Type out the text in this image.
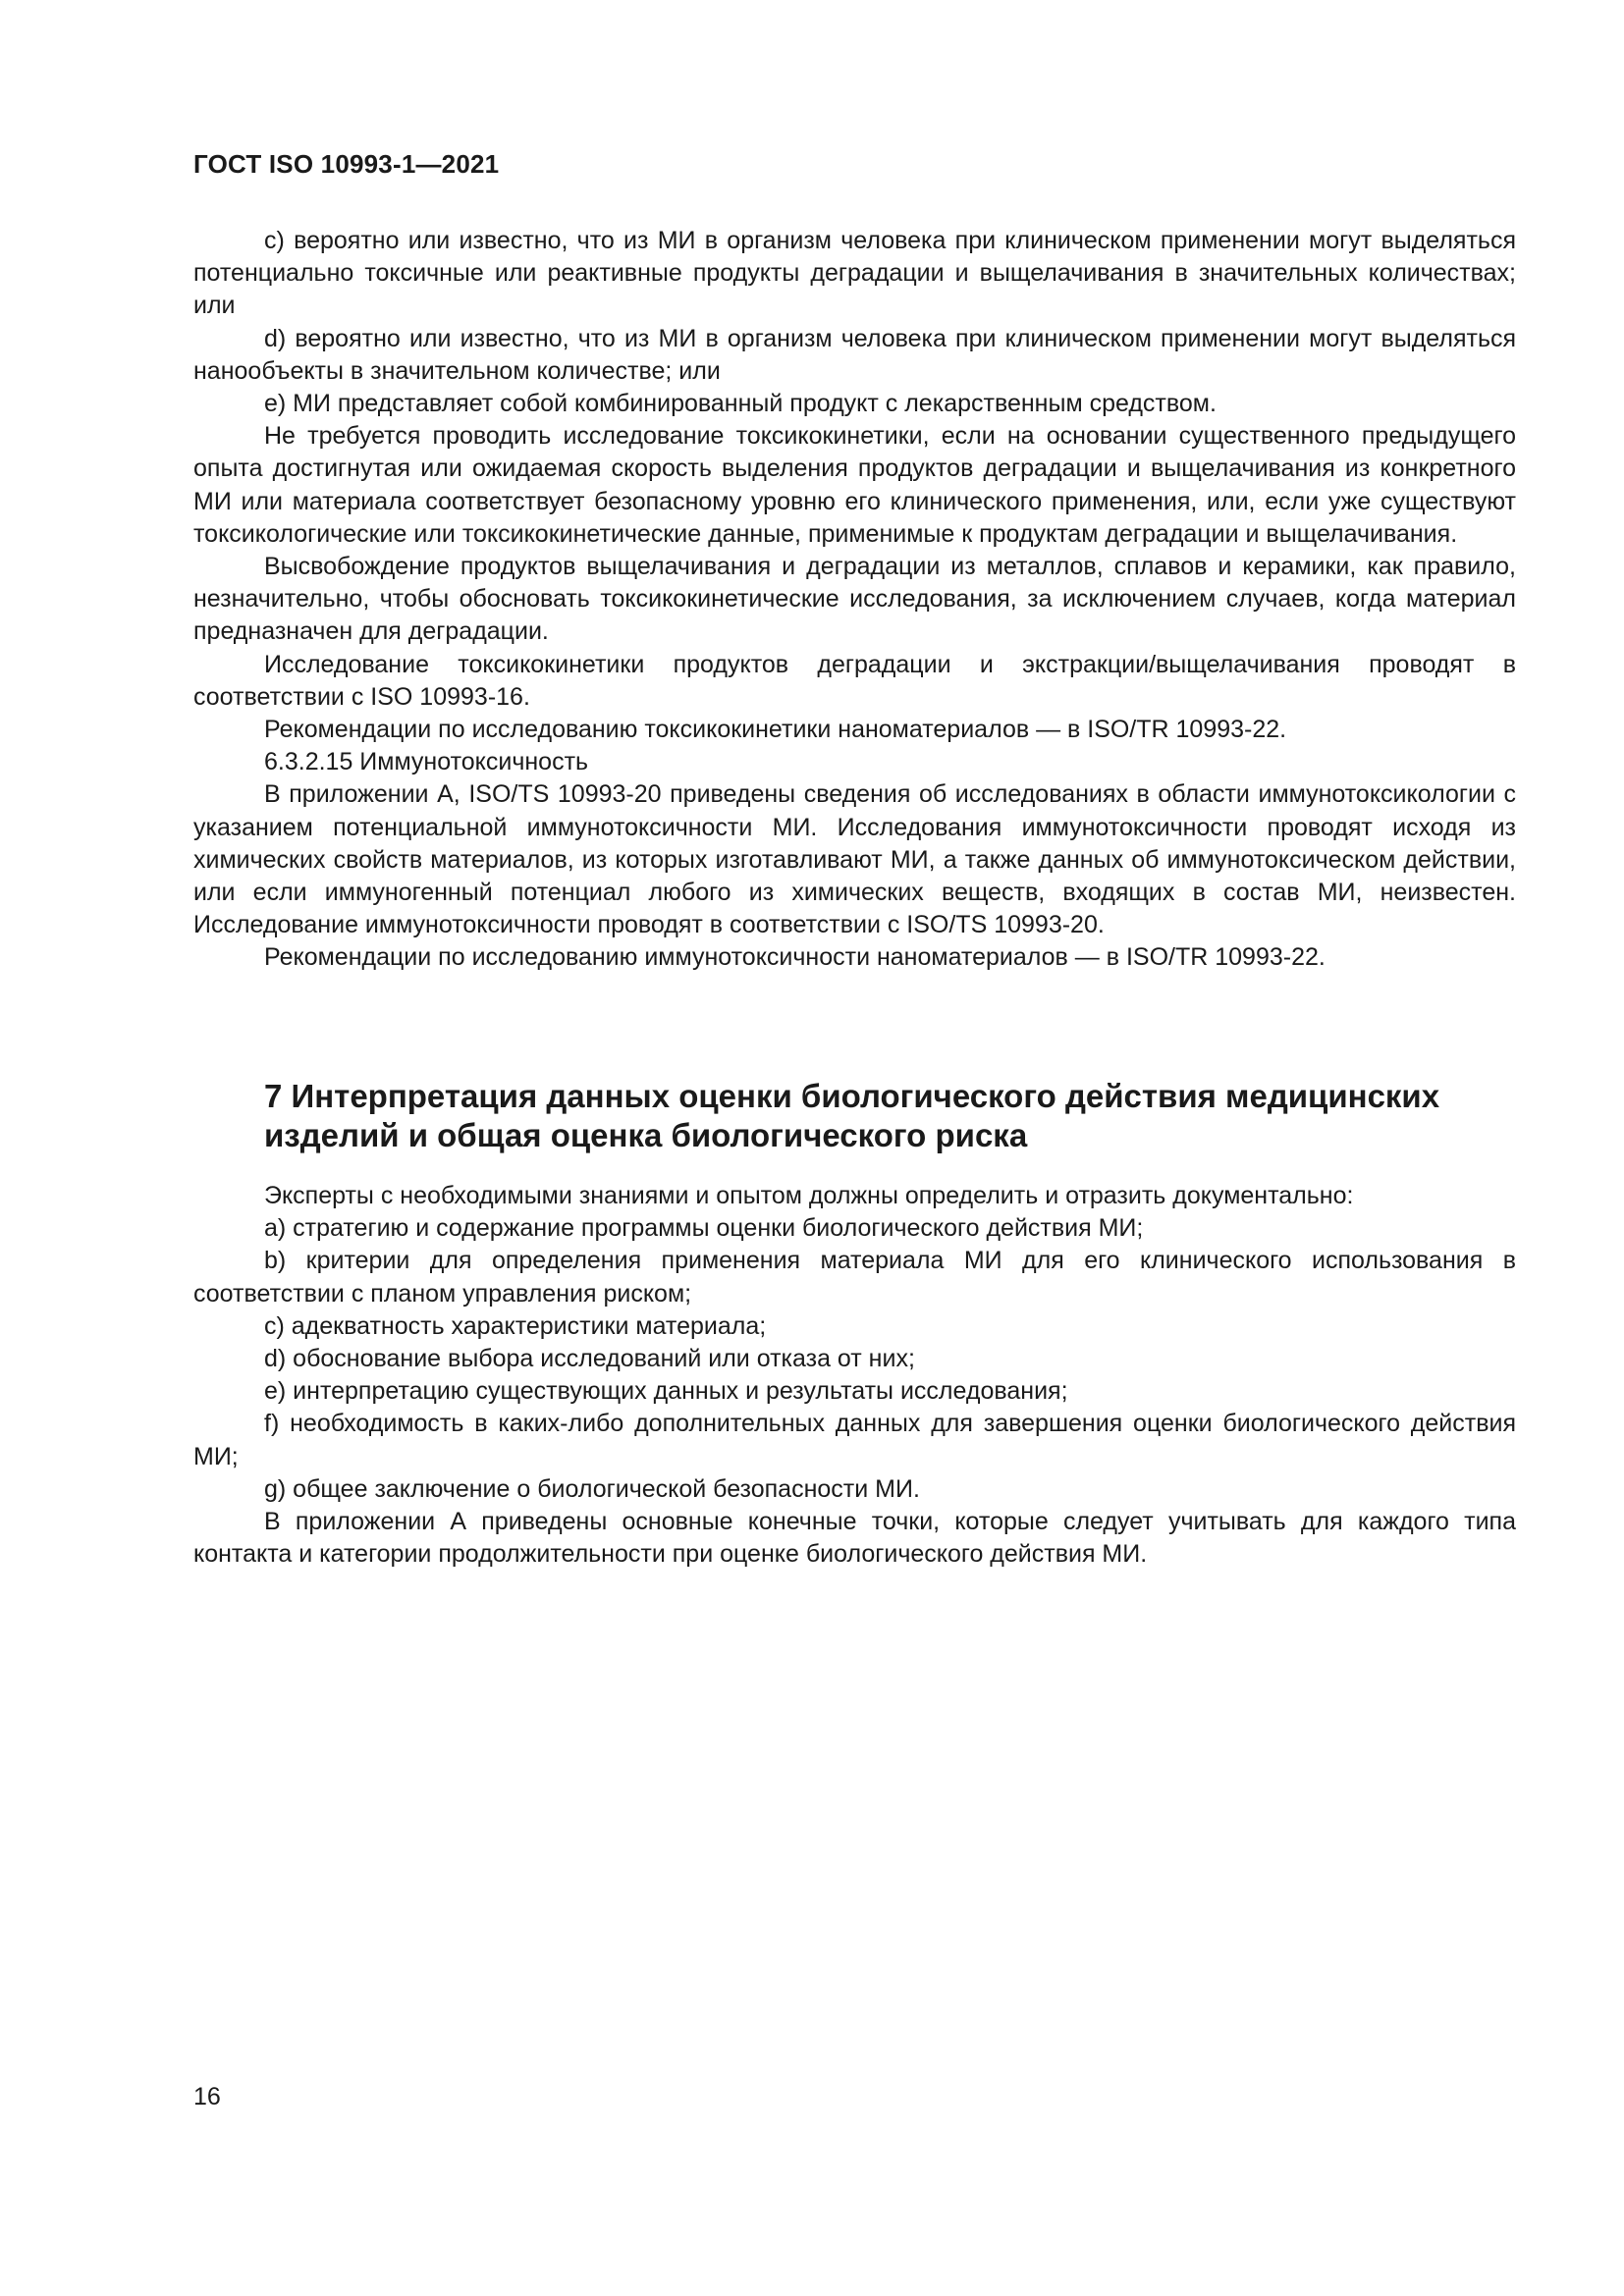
ГОСТ ISO 10993-1—2021

c) вероятно или известно, что из МИ в организм человека при клиническом применении могут выделяться потенциально токсичные или реактивные продукты деградации и выщелачивания в значительных количествах; или

d) вероятно или известно, что из МИ в организм человека при клиническом применении могут выделяться нанообъекты в значительном количестве; или

e) МИ представляет собой комбинированный продукт с лекарственным средством.

Не требуется проводить исследование токсикокинетики, если на основании существенного предыдущего опыта достигнутая или ожидаемая скорость выделения продуктов деградации и выщелачивания из конкретного МИ или материала соответствует безопасному уровню его клинического применения, или, если уже существуют токсикологические или токсикокинетические данные, применимые к продуктам деградации и выщелачивания.

Высвобождение продуктов выщелачивания и деградации из металлов, сплавов и керамики, как правило, незначительно, чтобы обосновать токсикокинетические исследования, за исключением случаев, когда материал предназначен для деградации.

Исследование токсикокинетики продуктов деградации и экстракции/выщелачивания проводят в соответствии с ISO 10993-16.

Рекомендации по исследованию токсикокинетики наноматериалов — в ISO/TR 10993-22.

6.3.2.15 Иммунотоксичность

В приложении А, ISO/TS 10993-20 приведены сведения об исследованиях в области иммунотоксикологии с указанием потенциальной иммунотоксичности МИ. Исследования иммунотоксичности проводят исходя из химических свойств материалов, из которых изготавливают МИ, а также данных об иммунотоксическом действии, или если иммуногенный потенциал любого из химических веществ, входящих в состав МИ, неизвестен. Исследование иммунотоксичности проводят в соответствии с ISO/TS 10993-20.

Рекомендации по исследованию иммунотоксичности наноматериалов — в ISO/TR 10993-22.

7 Интерпретация данных оценки биологического действия медицинских изделий и общая оценка биологического риска

Эксперты с необходимыми знаниями и опытом должны определить и отразить документально:

a) стратегию и содержание программы оценки биологического действия МИ;

b) критерии для определения применения материала МИ для его клинического использования в соответствии с планом управления риском;

c) адекватность характеристики материала;

d) обоснование выбора исследований или отказа от них;

e) интерпретацию существующих данных и результаты исследования;

f) необходимость в каких-либо дополнительных данных для завершения оценки биологического действия МИ;

g) общее заключение о биологической безопасности МИ.

В приложении А приведены основные конечные точки, которые следует учитывать для каждого типа контакта и категории продолжительности при оценке биологического действия МИ.

16
